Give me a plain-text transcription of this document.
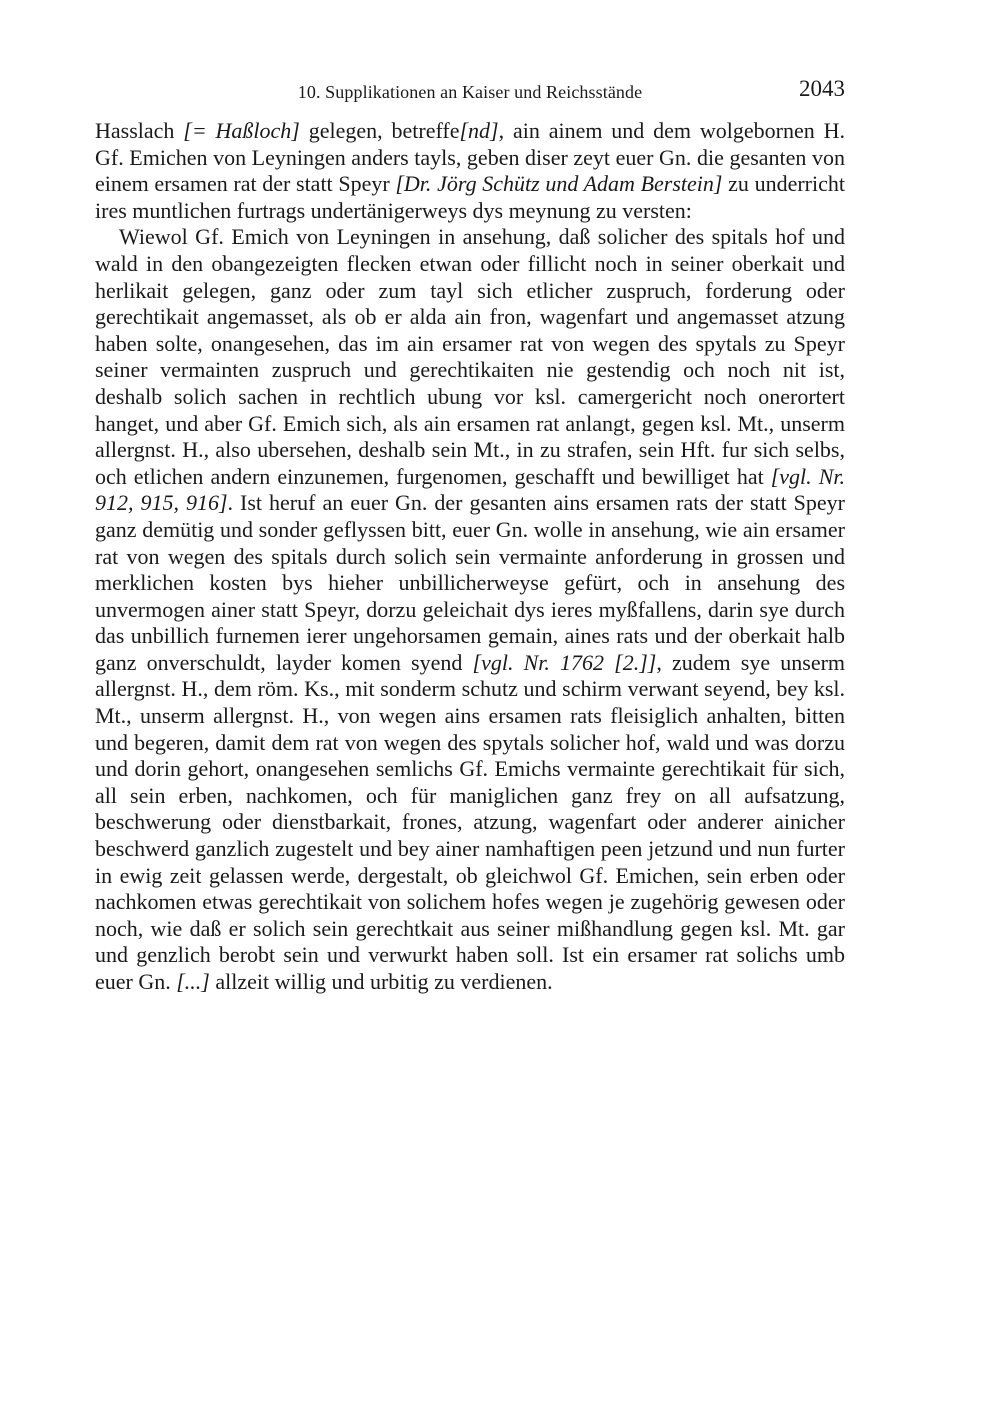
10. Supplikationen an Kaiser und Reichsstände	2043

Hasslach [= Haßloch] gelegen, betreffe[nd], ain ainem und dem wolgebornen H. Gf. Emichen von Leyningen anders tayls, geben diser zeyt euer Gn. die gesanten von einem ersamen rat der statt Speyr [Dr. Jörg Schütz und Adam Berstein] zu underricht ires muntlichen furtrags undertänigerweys dys meynung zu versten:

Wiewol Gf. Emich von Leyningen in ansehung, daß solicher des spitals hof und wald in den obangezeigten flecken etwan oder fillicht noch in seiner oberkait und herlikait gelegen, ganz oder zum tayl sich etlicher zuspruch, forderung oder gerechtikait angemasset, als ob er alda ain fron, wagenfart und angemasset atzung haben solte, onangesehen, das im ain ersamer rat von wegen des spytals zu Speyr seiner vermainten zuspruch und gerechtikaiten nie gestendig och noch nit ist, deshalb solich sachen in rechtlich ubung vor ksl. camergericht noch onerortert hanget, und aber Gf. Emich sich, als ain ersamen rat anlangt, gegen ksl. Mt., unserm allergnst. H., also ubersehen, deshalb sein Mt., in zu strafen, sein Hft. fur sich selbs, och etlichen andern einzunemen, furgenomen, geschafft und bewilliget hat [vgl. Nr. 912, 915, 916]. Ist heruf an euer Gn. der gesanten ains ersamen rats der statt Speyr ganz demütig und sonder geflyssen bitt, euer Gn. wolle in ansehung, wie ain ersamer rat von wegen des spitals durch solich sein vermainte anforderung in grossen und merklichen kosten bys hieher unbillicherweyse gefürt, och in ansehung des unvermogen ainer statt Speyr, dorzu geleichait dys ieres myßfallens, darin sye durch das unbillich furnemen ierer ungehorsamen gemain, aines rats und der oberkait halb ganz onverschuldt, layder komen syend [vgl. Nr. 1762 [2.]], zudem sye unserm allergnst. H., dem röm. Ks., mit sonderm schutz und schirm verwant seyend, bey ksl. Mt., unserm allergnst. H., von wegen ains ersamen rats fleisiglich anhalten, bitten und begeren, damit dem rat von wegen des spytals solicher hof, wald und was dorzu und dorin gehort, onangesehen semlichs Gf. Emichs vermainte gerechtikait für sich, all sein erben, nachkomen, och für maniglichen ganz frey on all aufsatzung, beschwerung oder dienstbarkait, frones, atzung, wagenfart oder anderer ainicher beschwerd ganzlich zugestelt und bey ainer namhaftigen peen jetzund und nun furter in ewig zeit gelassen werde, dergestalt, ob gleichwol Gf. Emichen, sein erben oder nachkomen etwas gerechtikait von solichem hofes wegen je zugehörig gewesen oder noch, wie daß er solich sein gerechtkait aus seiner mißhandlung gegen ksl. Mt. gar und genzlich berobt sein und verwurkt haben soll. Ist ein ersamer rat solichs umb euer Gn. [...] allzeit willig und urbitig zu verdienen.
